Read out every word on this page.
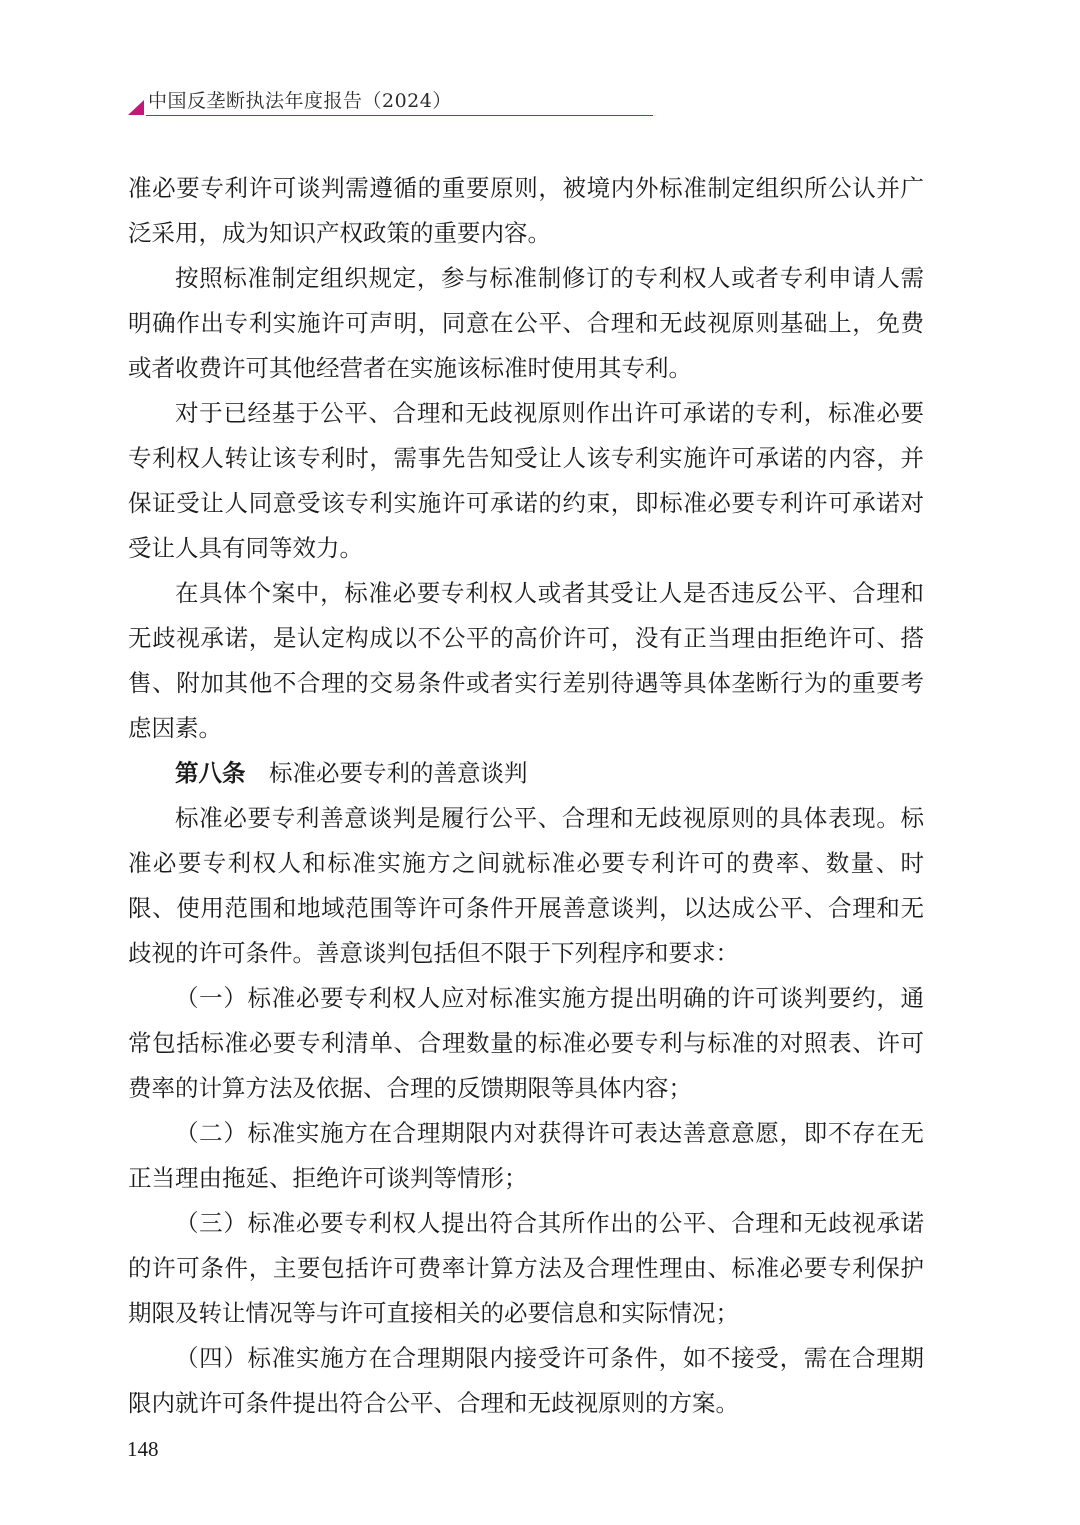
中国反垄断执法年度报告（2024）

准必要专利许可谈判需遵循的重要原则，被境内外标准制定组织所公认并广泛采用，成为知识产权政策的重要内容。

按照标准制定组织规定，参与标准制修订的专利权人或者专利申请人需明确作出专利实施许可声明，同意在公平、合理和无歧视原则基础上，免费或者收费许可其他经营者在实施该标准时使用其专利。

对于已经基于公平、合理和无歧视原则作出许可承诺的专利，标准必要专利权人转让该专利时，需事先告知受让人该专利实施许可承诺的内容，并保证受让人同意受该专利实施许可承诺的约束，即标准必要专利许可承诺对受让人具有同等效力。

在具体个案中，标准必要专利权人或者其受让人是否违反公平、合理和无歧视承诺，是认定构成以不公平的高价许可，没有正当理由拒绝许可、搭售、附加其他不合理的交易条件或者实行差别待遇等具体垄断行为的重要考虑因素。

第八条 标准必要专利的善意谈判

标准必要专利善意谈判是履行公平、合理和无歧视原则的具体表现。标准必要专利权人和标准实施方之间就标准必要专利许可的费率、数量、时限、使用范围和地域范围等许可条件开展善意谈判，以达成公平、合理和无歧视的许可条件。善意谈判包括但不限于下列程序和要求：

（一）标准必要专利权人应对标准实施方提出明确的许可谈判要约，通常包括标准必要专利清单、合理数量的标准必要专利与标准的对照表、许可费率的计算方法及依据、合理的反馈期限等具体内容；

（二）标准实施方在合理期限内对获得许可表达善意意愿，即不存在无正当理由拖延、拒绝许可谈判等情形；

（三）标准必要专利权人提出符合其所作出的公平、合理和无歧视承诺的许可条件，主要包括许可费率计算方法及合理性理由、标准必要专利保护期限及转让情况等与许可直接相关的必要信息和实际情况；

（四）标准实施方在合理期限内接受许可条件，如不接受，需在合理期限内就许可条件提出符合公平、合理和无歧视原则的方案。

148
